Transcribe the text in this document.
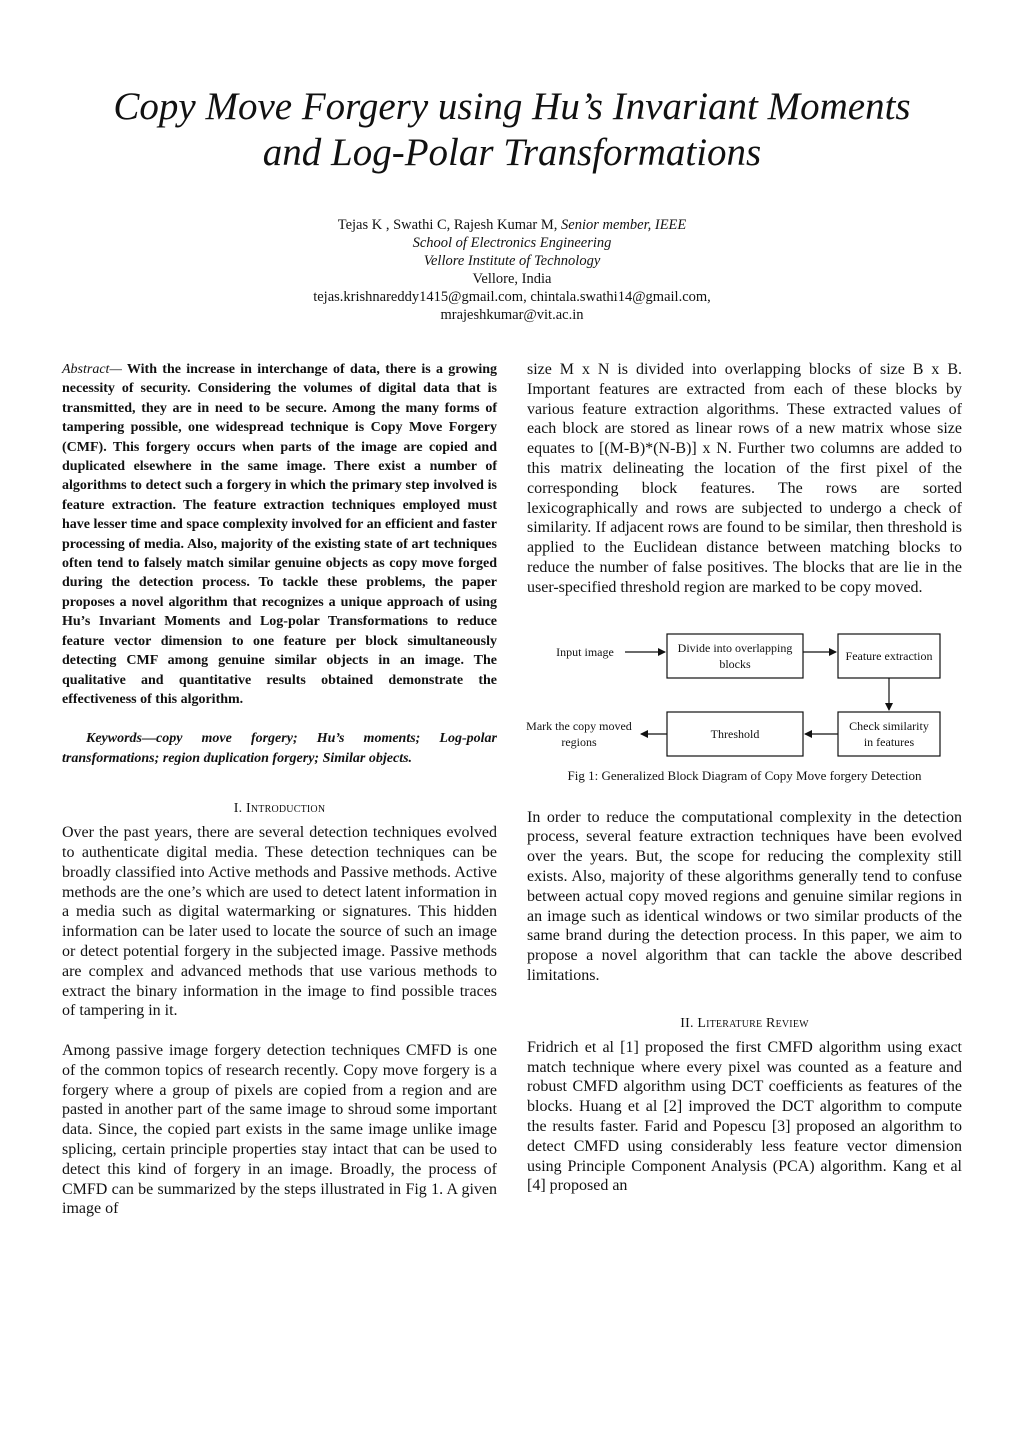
Copy Move Forgery using Hu’s Invariant Moments
and Log-Polar Transformations
Tejas K , Swathi C, Rajesh Kumar M, Senior member, IEEE
School of Electronics Engineering
Vellore Institute of Technology
Vellore, India
tejas.krishnareddy1415@gmail.com, chintala.swathi14@gmail.com,
mrajeshkumar@vit.ac.in

Abstract— With the increase in interchange of data, there is a growing necessity of security. Considering the volumes of digital data that is transmitted, they are in need to be secure. Among the many forms of tampering possible, one widespread technique is Copy Move Forgery (CMF). This forgery occurs when parts of the image are copied and duplicated elsewhere in the same image. There exist a number of algorithms to detect such a forgery in which the primary step involved is feature extraction. The feature extraction techniques employed must have lesser time and space complexity involved for an efficient and faster processing of media. Also, majority of the existing state of art techniques often tend to falsely match similar genuine objects as copy move forged during the detection process. To tackle these problems, the paper proposes a novel algorithm that recognizes a unique approach of using Hu’s Invariant Moments and Log-polar Transformations to reduce feature vector dimension to one feature per block simultaneously detecting CMF among genuine similar objects in an image. The qualitative and quantitative results obtained demonstrate the effectiveness of this algorithm.

Keywords—copy move forgery; Hu’s moments; Log-polar transformations; region duplication forgery; Similar objects.

I. Introduction

Over the past years, there are several detection techniques evolved to authenticate digital media. These detection techniques can be broadly classified into Active methods and Passive methods. Active methods are the one’s which are used to detect latent information in a media such as digital watermarking or signatures. This hidden information can be later used to locate the source of such an image or detect potential forgery in the subjected image. Passive methods are complex and advanced methods that use various methods to extract the binary information in the image to find possible traces of tampering in it.

Among passive image forgery detection techniques CMFD is one of the common topics of research recently. Copy move forgery is a forgery where a group of pixels are copied from a region and are pasted in another part of the same image to shroud some important data. Since, the copied part exists in the same image unlike image splicing, certain principle properties stay intact that can be used to detect this kind of forgery in an image. Broadly, the process of CMFD can be summarized by the steps illustrated in Fig 1. A given image of

size M x N is divided into overlapping blocks of size B x B. Important features are extracted from each of these blocks by various feature extraction algorithms. These extracted values of each block are stored as linear rows of a new matrix whose size equates to [(M-B)*(N-B)] x N. Further two columns are added to this matrix delineating the location of the first pixel of the corresponding block features. The rows are sorted lexicographically and rows are subjected to undergo a check of similarity. If adjacent rows are found to be similar, then threshold is applied to the Euclidean distance between matching blocks to reduce the number of false positives. The blocks that are lie in the user-specified threshold region are marked to be copy moved.

Input image	Divide into overlapping
blocks
Feature extraction
Check similarity
in features
Threshold
Mark the copy moved
regions

Fig 1: Generalized Block Diagram of Copy Move forgery Detection

In order to reduce the computational complexity in the detection process, several feature extraction techniques have been evolved over the years. But, the scope for reducing the complexity still exists. Also, majority of these algorithms generally tend to confuse between actual copy moved regions and genuine similar regions in an image such as identical windows or two similar products of the same brand during the detection process. In this paper, we aim to propose a novel algorithm that can tackle the above described limitations.

II. Literature Review

Fridrich et al [1] proposed the first CMFD algorithm using exact match technique where every pixel was counted as a feature and robust CMFD algorithm using DCT coefficients as features of the blocks. Huang et al [2] improved the DCT algorithm to compute the results faster. Farid and Popescu [3] proposed an algorithm to detect CMFD using considerably less feature vector dimension using Principle Component Analysis (PCA) algorithm. Kang et al [4] proposed an
